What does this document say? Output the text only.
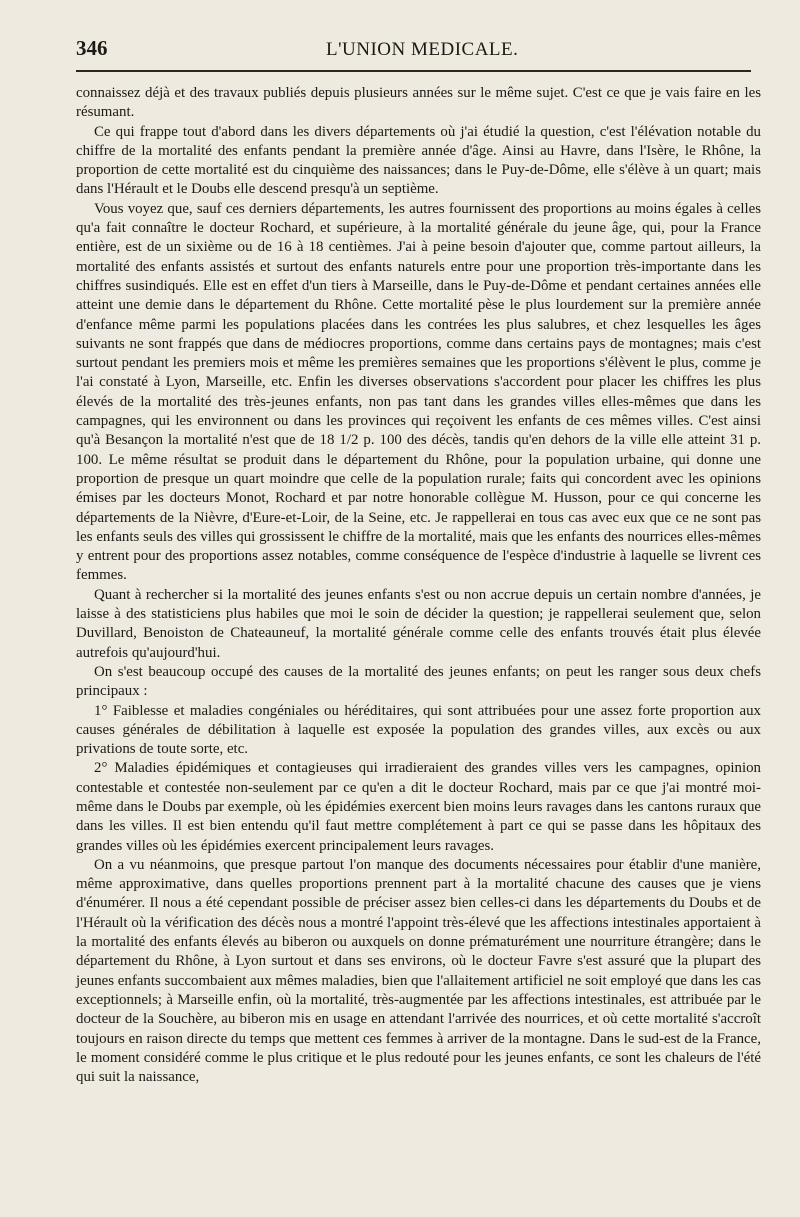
346	L'UNION MEDICALE.

connaissez déjà et des travaux publiés depuis plusieurs années sur le même sujet. C'est ce que je vais faire en les résumant.

Ce qui frappe tout d'abord dans les divers départements où j'ai étudié la question, c'est l'élévation notable du chiffre de la mortalité des enfants pendant la première année d'âge. Ainsi au Havre, dans l'Isère, le Rhône, la proportion de cette mortalité est du cinquième des naissances; dans le Puy-de-Dôme, elle s'élève à un quart; mais dans l'Hérault et le Doubs elle descend presqu'à un septième.

Vous voyez que, sauf ces derniers départements, les autres fournissent des proportions au moins égales à celles qu'a fait connaître le docteur Rochard, et supérieure, à la mortalité générale du jeune âge, qui, pour la France entière, est de un sixième ou de 16 à 18 centièmes. J'ai à peine besoin d'ajouter que, comme partout ailleurs, la mortalité des enfants assistés et surtout des enfants naturels entre pour une proportion très-importante dans les chiffres susindiqués. Elle est en effet d'un tiers à Marseille, dans le Puy-de-Dôme et pendant certaines années elle atteint une demie dans le département du Rhône. Cette mortalité pèse le plus lourdement sur la première année d'enfance même parmi les populations placées dans les contrées les plus salubres, et chez lesquelles les âges suivants ne sont frappés que dans de médiocres proportions, comme dans certains pays de montagnes; mais c'est surtout pendant les premiers mois et même les premières semaines que les proportions s'élèvent le plus, comme je l'ai constaté à Lyon, Marseille, etc. Enfin les diverses observations s'accordent pour placer les chiffres les plus élevés de la mortalité des très-jeunes enfants, non pas tant dans les grandes villes elles-mêmes que dans les campagnes, qui les environnent ou dans les provinces qui reçoivent les enfants de ces mêmes villes. C'est ainsi qu'à Besançon la mortalité n'est que de 18 1/2 p. 100 des décès, tandis qu'en dehors de la ville elle atteint 31 p. 100. Le même résultat se produit dans le département du Rhône, pour la population urbaine, qui donne une proportion de presque un quart moindre que celle de la population rurale; faits qui concordent avec les opinions émises par les docteurs Monot, Rochard et par notre honorable collègue M. Husson, pour ce qui concerne les départements de la Nièvre, d'Eure-et-Loir, de la Seine, etc. Je rappellerai en tous cas avec eux que ce ne sont pas les enfants seuls des villes qui grossissent le chiffre de la mortalité, mais que les enfants des nourrices elles-mêmes y entrent pour des proportions assez notables, comme conséquence de l'espèce d'industrie à laquelle se livrent ces femmes.

Quant à rechercher si la mortalité des jeunes enfants s'est ou non accrue depuis un certain nombre d'années, je laisse à des statisticiens plus habiles que moi le soin de décider la question; je rappellerai seulement que, selon Duvillard, Benoiston de Chateauneuf, la mortalité générale comme celle des enfants trouvés était plus élevée autrefois qu'aujourd'hui.

On s'est beaucoup occupé des causes de la mortalité des jeunes enfants; on peut les ranger sous deux chefs principaux :

1° Faiblesse et maladies congéniales ou héréditaires, qui sont attribuées pour une assez forte proportion aux causes générales de débilitation à laquelle est exposée la population des grandes villes, aux excès ou aux privations de toute sorte, etc.

2° Maladies épidémiques et contagieuses qui irradieraient des grandes villes vers les campagnes, opinion contestable et contestée non-seulement par ce qu'en a dit le docteur Rochard, mais par ce que j'ai montré moi-même dans le Doubs par exemple, où les épidémies exercent bien moins leurs ravages dans les cantons ruraux que dans les villes. Il est bien entendu qu'il faut mettre complétement à part ce qui se passe dans les hôpitaux des grandes villes où les épidémies exercent principalement leurs ravages.

On a vu néanmoins, que presque partout l'on manque des documents nécessaires pour établir d'une manière, même approximative, dans quelles proportions prennent part à la mortalité chacune des causes que je viens d'énumérer. Il nous a été cependant possible de préciser assez bien celles-ci dans les départements du Doubs et de l'Hérault où la vérification des décès nous a montré l'appoint très-élevé que les affections intestinales apportaient à la mortalité des enfants élevés au biberon ou auxquels on donne prématurément une nourriture étrangère; dans le département du Rhône, à Lyon surtout et dans ses environs, où le docteur Favre s'est assuré que la plupart des jeunes enfants succombaient aux mêmes maladies, bien que l'allaitement artificiel ne soit employé que dans les cas exceptionnels; à Marseille enfin, où la mortalité, très-augmentée par les affections intestinales, est attribuée par le docteur de la Souchère, au biberon mis en usage en attendant l'arrivée des nourrices, et où cette mortalité s'accroît toujours en raison directe du temps que mettent ces femmes à arriver de la montagne. Dans le sud-est de la France, le moment considéré comme le plus critique et le plus redouté pour les jeunes enfants, ce sont les chaleurs de l'été qui suit la naissance,
